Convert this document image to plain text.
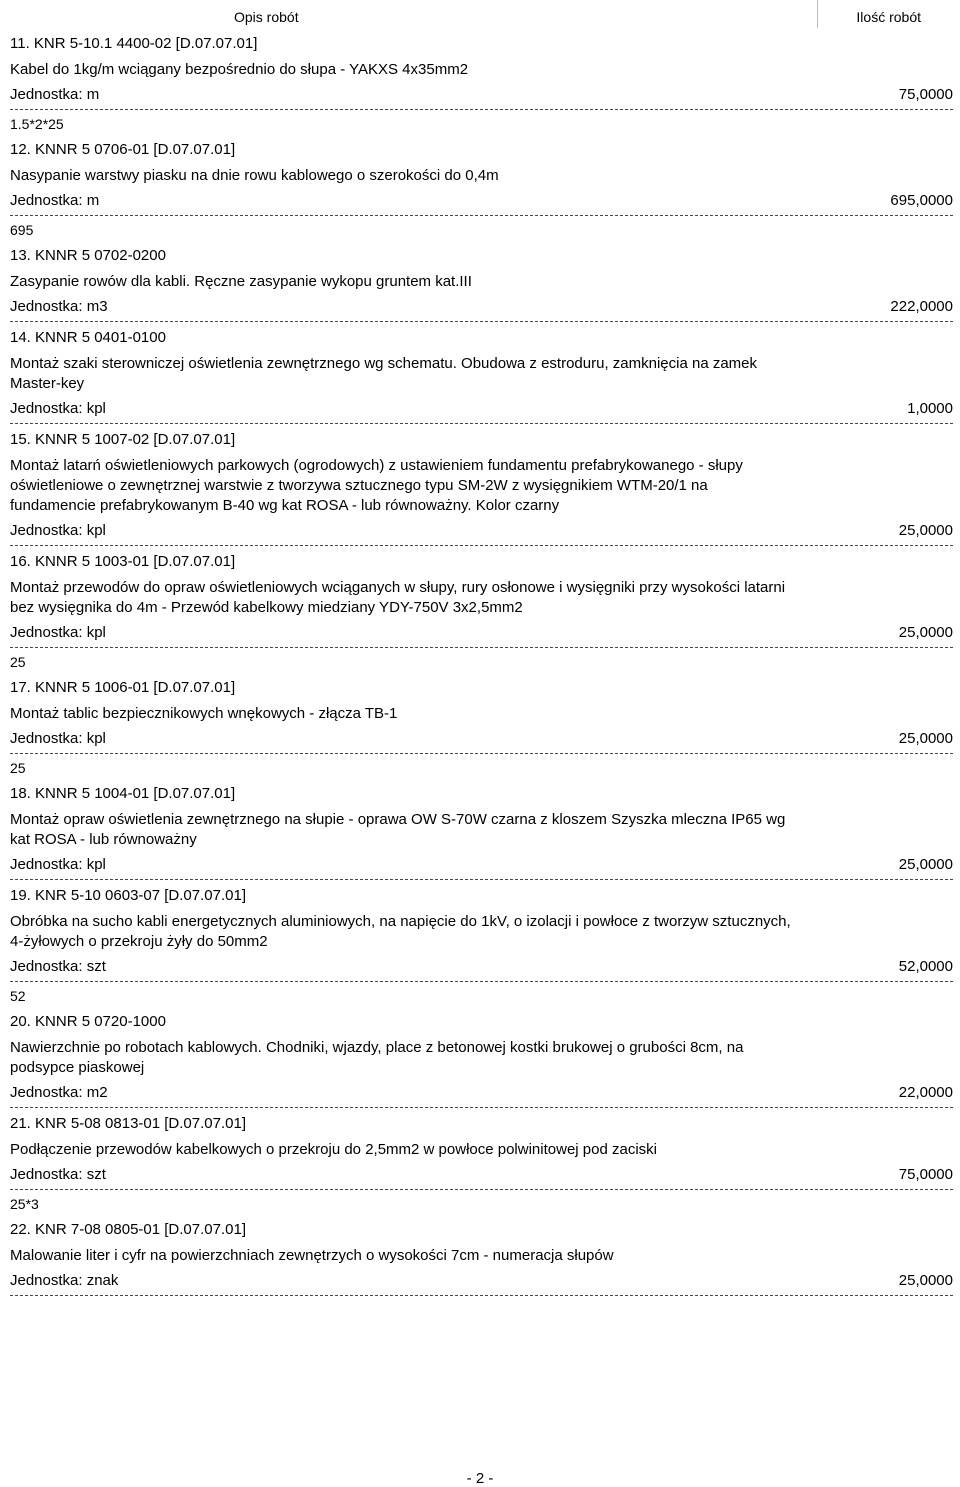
Opis robót	Ilość robót
11. KNR 5-10.1 4400-02 [D.07.07.01]
Kabel do 1kg/m wciągany bezpośrednio do słupa - YAKXS 4x35mm2
Jednostka: m	75,0000
1.5*2*25
12. KNNR 5 0706-01 [D.07.07.01]
Nasypanie warstwy piasku na dnie rowu kablowego o szerokości do 0,4m
Jednostka: m	695,0000
695
13. KNNR 5 0702-0200
Zasypanie rowów dla kabli. Ręczne zasypanie wykopu gruntem kat.III
Jednostka: m3	222,0000
14. KNNR 5 0401-0100
Montaż szaki sterowniczej oświetlenia zewnętrznego wg schematu. Obudowa z estroduru, zamknięcia na zamek
Master-key
Jednostka: kpl	1,0000
15. KNNR 5 1007-02 [D.07.07.01]
Montaż latarń oświetleniowych parkowych (ogrodowych) z ustawieniem fundamentu prefabrykowanego - słupy
oświetleniowe o zewnętrznej warstwie z tworzywa sztucznego typu SM-2W z wysięgnikiem WTM-20/1 na
fundamencie prefabrykowanym B-40 wg kat ROSA - lub równoważny. Kolor czarny
Jednostka: kpl	25,0000
16. KNNR 5 1003-01 [D.07.07.01]
Montaż przewodów do opraw oświetleniowych wciąganych w słupy, rury osłonowe i wysięgniki przy wysokości latarni
bez wysięgnika do 4m - Przewód kabelkowy miedziany YDY-750V 3x2,5mm2
Jednostka: kpl	25,0000
25
17. KNNR 5 1006-01 [D.07.07.01]
Montaż tablic bezpiecznikowych wnękowych - złącza TB-1
Jednostka: kpl	25,0000
25
18. KNNR 5 1004-01 [D.07.07.01]
Montaż opraw oświetlenia zewnętrznego na słupie - oprawa OW S-70W czarna z kloszem Szyszka mleczna IP65 wg
kat ROSA - lub równoważny
Jednostka: kpl	25,0000
19. KNR 5-10 0603-07 [D.07.07.01]
Obróbka na sucho kabli energetycznych aluminiowych, na napięcie do 1kV, o izolacji i powłoce z tworzyw sztucznych,
4-żyłowych o przekroju żyły do 50mm2
Jednostka: szt	52,0000
52
20. KNNR 5 0720-1000
Nawierzchnie po robotach kablowych. Chodniki, wjazdy, place z betonowej kostki brukowej o grubości 8cm, na
podsypce piaskowej
Jednostka: m2	22,0000
21. KNR 5-08 0813-01 [D.07.07.01]
Podłączenie przewodów kabelkowych o przekroju do 2,5mm2 w powłoce polwinitowej pod zaciski
Jednostka: szt	75,0000
25*3
22. KNR 7-08 0805-01 [D.07.07.01]
Malowanie liter i cyfr na powierzchniach zewnętrzych o wysokości 7cm - numeracja słupów
Jednostka: znak	25,0000
- 2 -
